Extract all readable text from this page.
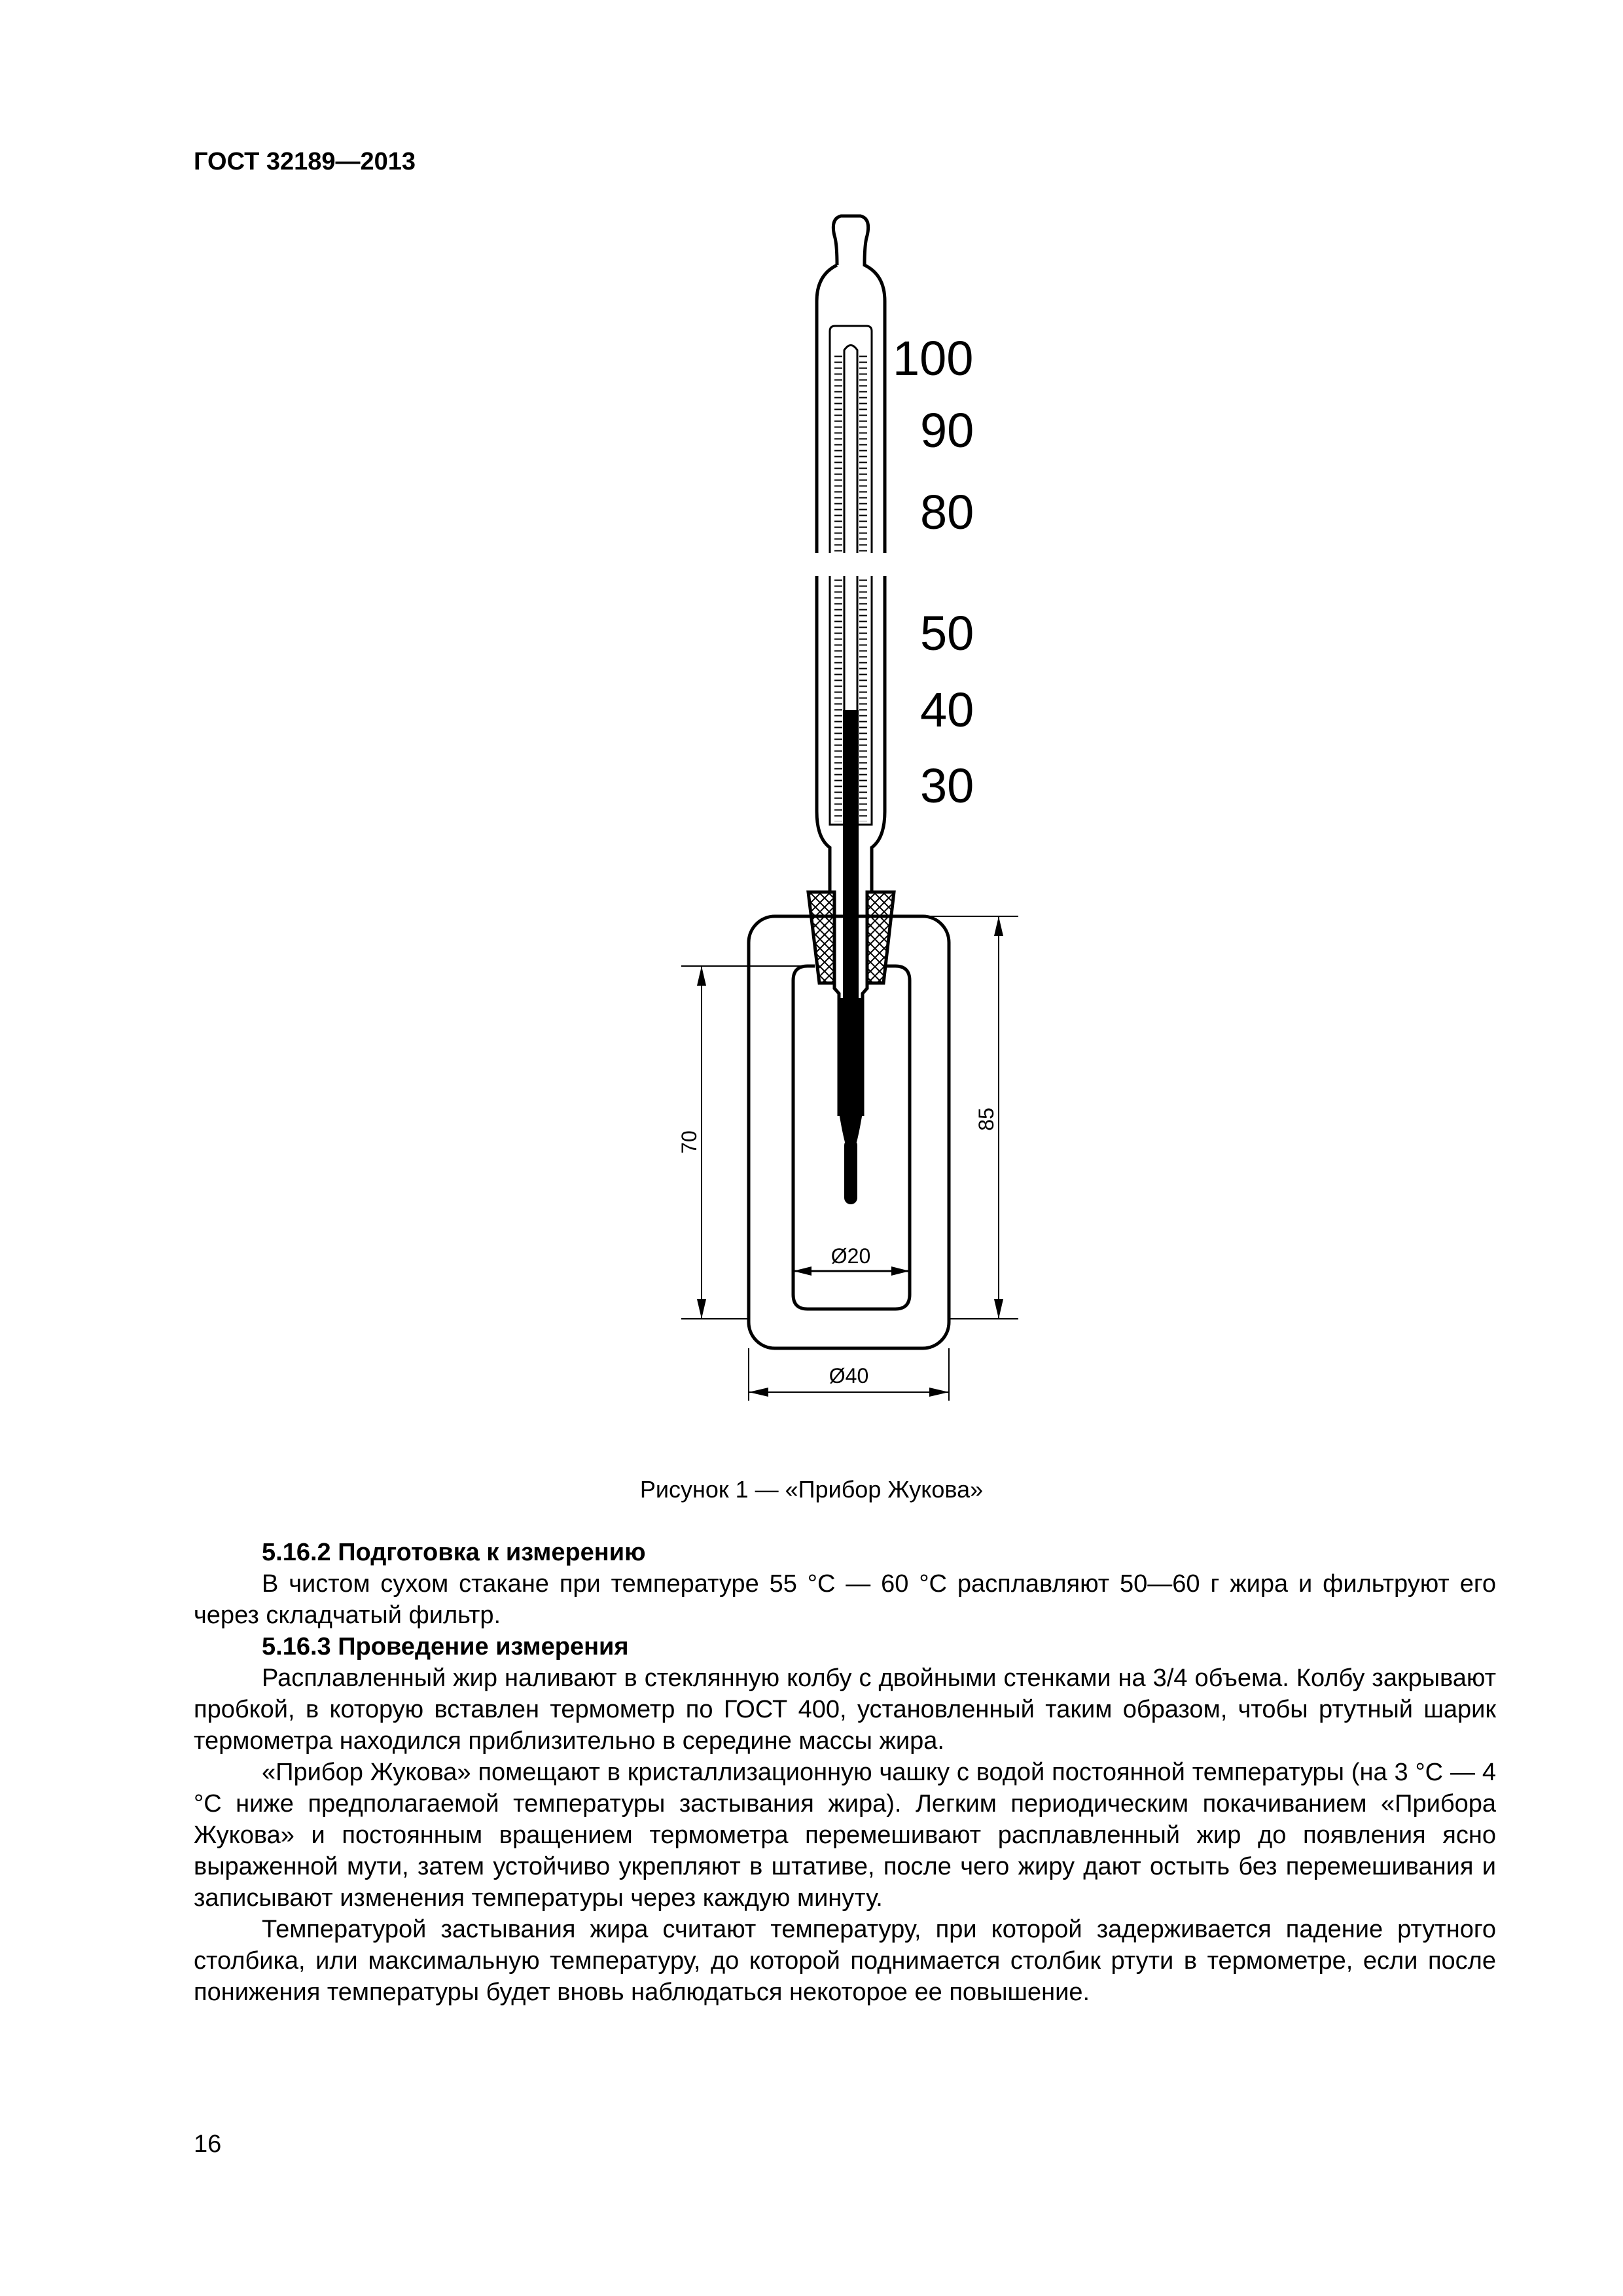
ГОСТ 32189—2013
100
90
80
50
40
30
70
85
Ø20
Ø40
Рисунок 1 — «Прибор Жукова»

5.16.2 Подготовка к измерению

В чистом сухом стакане при температуре 55 °С — 60 °С расплавляют 50—60 г жира и фильтруют его через складчатый фильтр.

5.16.3 Проведение измерения

Расплавленный жир наливают в стеклянную колбу с двойными стенками на 3/4 объема. Колбу закрывают пробкой, в которую вставлен термометр по ГОСТ 400, установленный таким образом, чтобы ртутный шарик термометра находился приблизительно в середине массы жира.

«Прибор Жукова» помещают в кристаллизационную чашку с водой постоянной температуры (на 3 °С — 4 °С ниже предполагаемой температуры застывания жира). Легким периодическим покачиванием «Прибора Жукова» и постоянным вращением термометра перемешивают расплавленный жир до появления ясно выраженной мути, затем устойчиво укрепляют в штативе, после чего жиру дают остыть без перемешивания и записывают изменения температуры через каждую минуту.

Температурой застывания жира считают температуру, при которой задерживается падение ртутного столбика, или максимальную температуру, до которой поднимается столбик ртути в термометре, если после понижения температуры будет вновь наблюдаться некоторое ее повышение.

16
